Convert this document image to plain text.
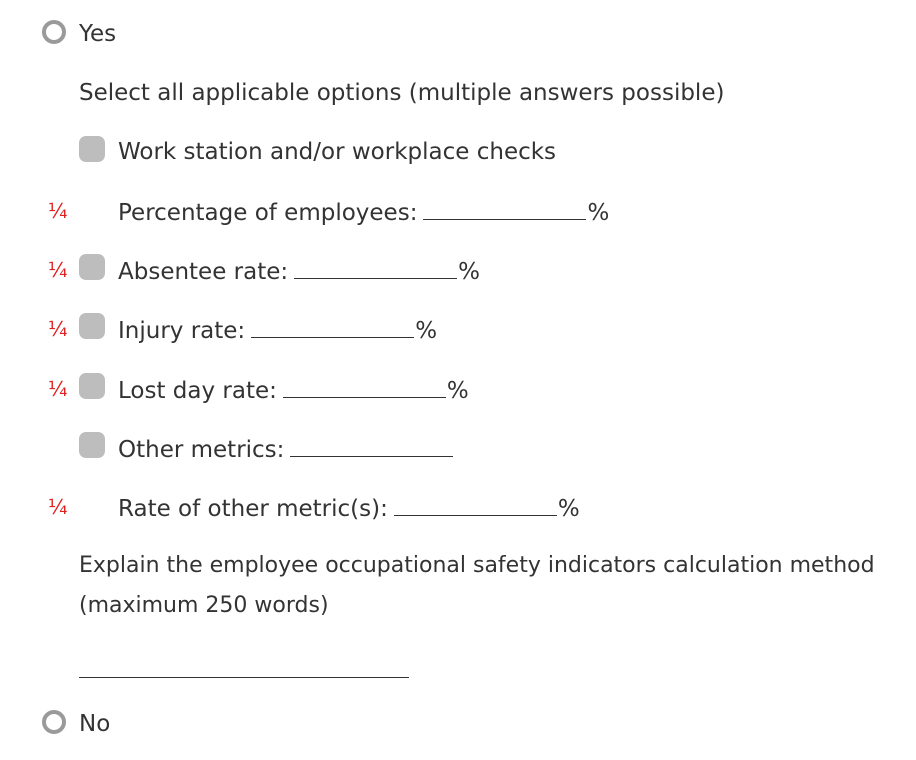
Yes
Select all applicable options (multiple answers possible)
Work station and/or workplace checks
¼ Percentage of employees:	%
¼ Absentee rate:	%
¼ Injury rate:	%
¼ Lost day rate:	%
Other metrics:
¼ Rate of other metric(s):	%
Explain the employee occupational safety indicators calculation method
(maximum 250 words)
No
